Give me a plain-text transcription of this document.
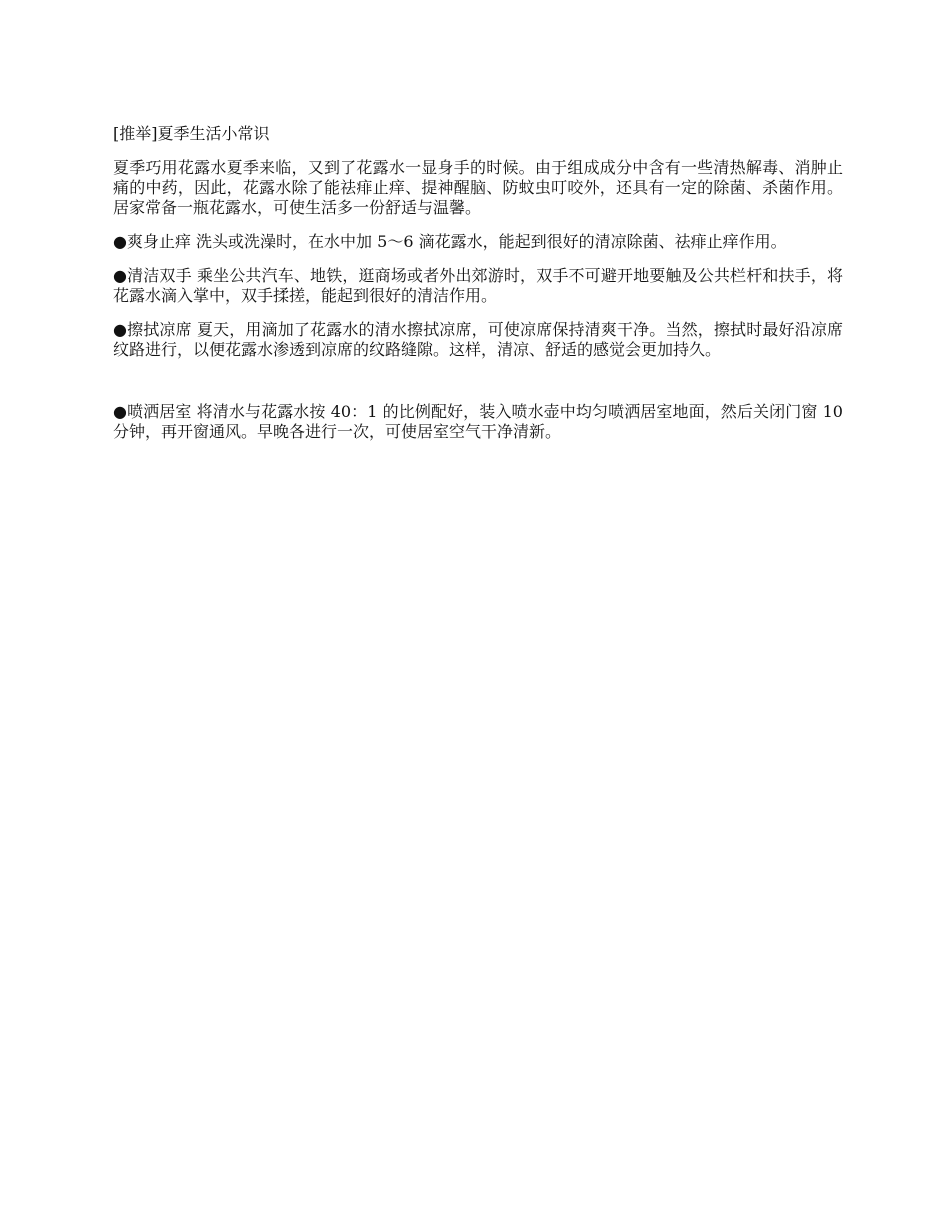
[推举]夏季生活小常识

夏季巧用花露水夏季来临，又到了花露水一显身手的时候。由于组成成分中含有一些清热解毒、消肿止痛的中药，因此，花露水除了能祛痱止痒、提神醒脑、防蚊虫叮咬外，还具有一定的除菌、杀菌作用。居家常备一瓶花露水，可使生活多一份舒适与温馨。

●爽身止痒 洗头或洗澡时，在水中加 5～6 滴花露水，能起到很好的清凉除菌、祛痱止痒作用。

●清洁双手 乘坐公共汽车、地铁，逛商场或者外出郊游时，双手不可避开地要触及公共栏杆和扶手，将花露水滴入掌中，双手揉搓，能起到很好的清洁作用。

●擦拭凉席 夏天，用滴加了花露水的清水擦拭凉席，可使凉席保持清爽干净。当然，擦拭时最好沿凉席纹路进行，以便花露水渗透到凉席的纹路缝隙。这样，清凉、舒适的感觉会更加持久。

●喷洒居室 将清水与花露水按 40：1 的比例配好，装入喷水壶中均匀喷洒居室地面，然后关闭门窗 10 分钟，再开窗通风。早晚各进行一次，可使居室空气干净清新。
